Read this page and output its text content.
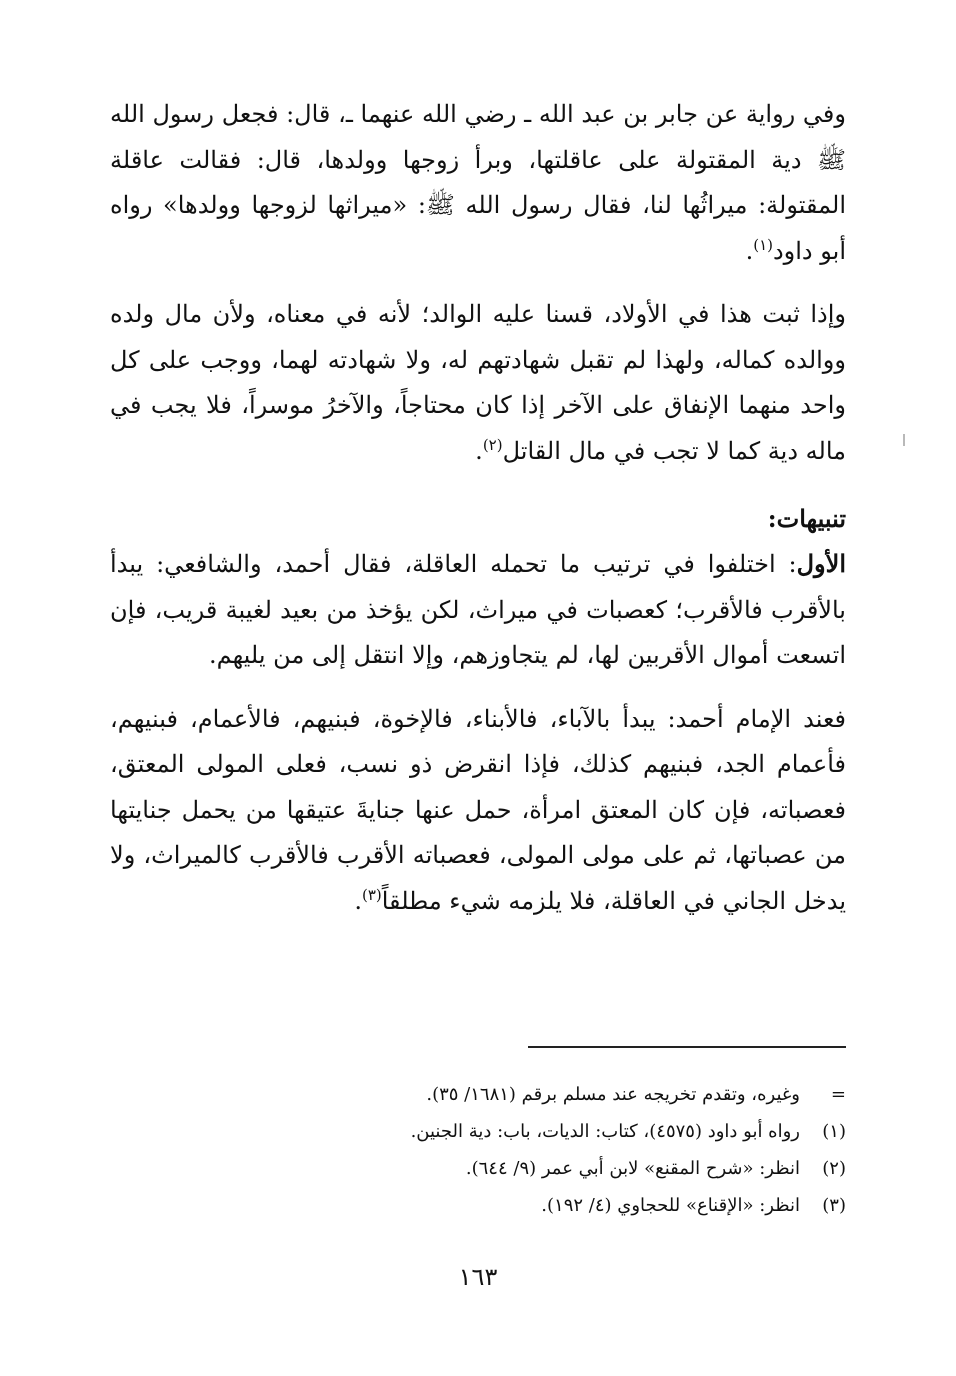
وفي رواية عن جابر بن عبد الله ـ رضي الله عنهما ـ، قال: فجعل رسول الله ﷺ دية المقتولة على عاقلتها، وبرأ زوجها وولدها، قال: فقالت عاقلة المقتولة: ميراثُها لنا، فقال رسول الله ﷺ: «ميراثها لزوجها وولدها» رواه أبو داود$^{(١)}$.

وإذا ثبت هذا في الأولاد، قسنا عليه الوالد؛ لأنه في معناه، ولأن مال ولده ووالده كماله، ولهذا لم تقبل شهادتهم له، ولا شهادته لهما، ووجب على كل واحد منهما الإنفاق على الآخر إذا كان محتاجاً، والآخرُ موسراً، فلا يجب في ماله دية كما لا تجب في مال القاتل$^{(٢)}$.

تنبيهات:

الأول: اختلفوا في ترتيب ما تحمله العاقلة، فقال أحمد، والشافعي: يبدأ بالأقرب فالأقرب؛ كعصبات في ميراث، لكن يؤخذ من بعيد لغيبة قريب، فإن اتسعت أموال الأقربين لها، لم يتجاوزهم، وإلا انتقل إلى من يليهم.

فعند الإمام أحمد: يبدأ بالآباء، فالأبناء، فالإخوة، فبنيهم، فالأعمام، فبنيهم، فأعمام الجد، فبنيهم كذلك، فإذا انقرض ذو نسب، فعلى المولى المعتق، فعصباته، فإن كان المعتق امرأة، حمل عنها جنايةَ عتيقها من يحمل جنايتها من عصباتها، ثم على مولى المولى، فعصباته الأقرب فالأقرب كالميراث، ولا يدخل الجاني في العاقلة، فلا يلزمه شيء مطلقاً$^{(٣)}$.

=
وغيره، وتقدم تخريجه عند مسلم برقم (١٦٨١/ ٣٥).

(١)
رواه أبو داود (٤٥٧٥)، كتاب: الديات، باب: دية الجنين.

(٢)
انظر: «شرح المقنع» لابن أبي عمر (٩/ ٦٤٤).

(٣)
انظر: «الإقناع» للحجاوي (٤/ ١٩٢).

١٦٣
